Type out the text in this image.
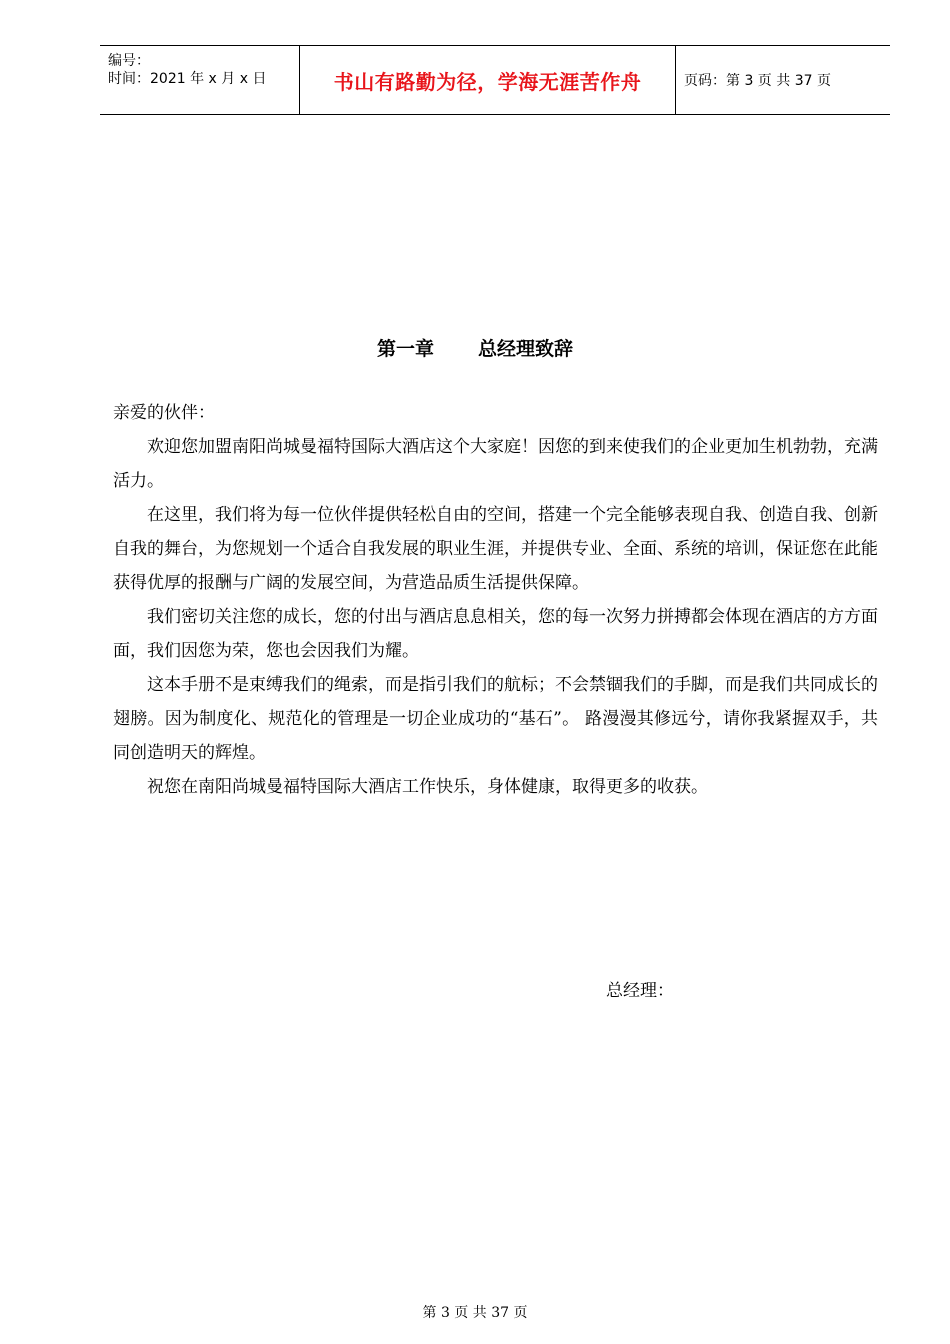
编号：
时间：2021 年 x 月 x 日	书山有路勤为径，学海无涯苦作舟	页码：第 3 页 共 37 页
第一章 总经理致辞

亲爱的伙伴：

欢迎您加盟南阳尚城曼福特国际大酒店这个大家庭！因您的到来使我们的企业更加生机勃勃，充满活力。

在这里，我们将为每一位伙伴提供轻松自由的空间，搭建一个完全能够表现自我、创造自我、创新自我的舞台，为您规划一个适合自我发展的职业生涯，并提供专业、全面、系统的培训，保证您在此能获得优厚的报酬与广阔的发展空间，为营造品质生活提供保障。

我们密切关注您的成长，您的付出与酒店息息相关，您的每一次努力拼搏都会体现在酒店的方方面面，我们因您为荣，您也会因我们为耀。

这本手册不是束缚我们的绳索，而是指引我们的航标；不会禁锢我们的手脚，而是我们共同成长的翅膀。因为制度化、规范化的管理是一切企业成功的“基石”。 路漫漫其修远兮，请你我紧握双手，共同创造明天的辉煌。

祝您在南阳尚城曼福特国际大酒店工作快乐，身体健康，取得更多的收获。

总经理：
第 3 页 共 37 页
